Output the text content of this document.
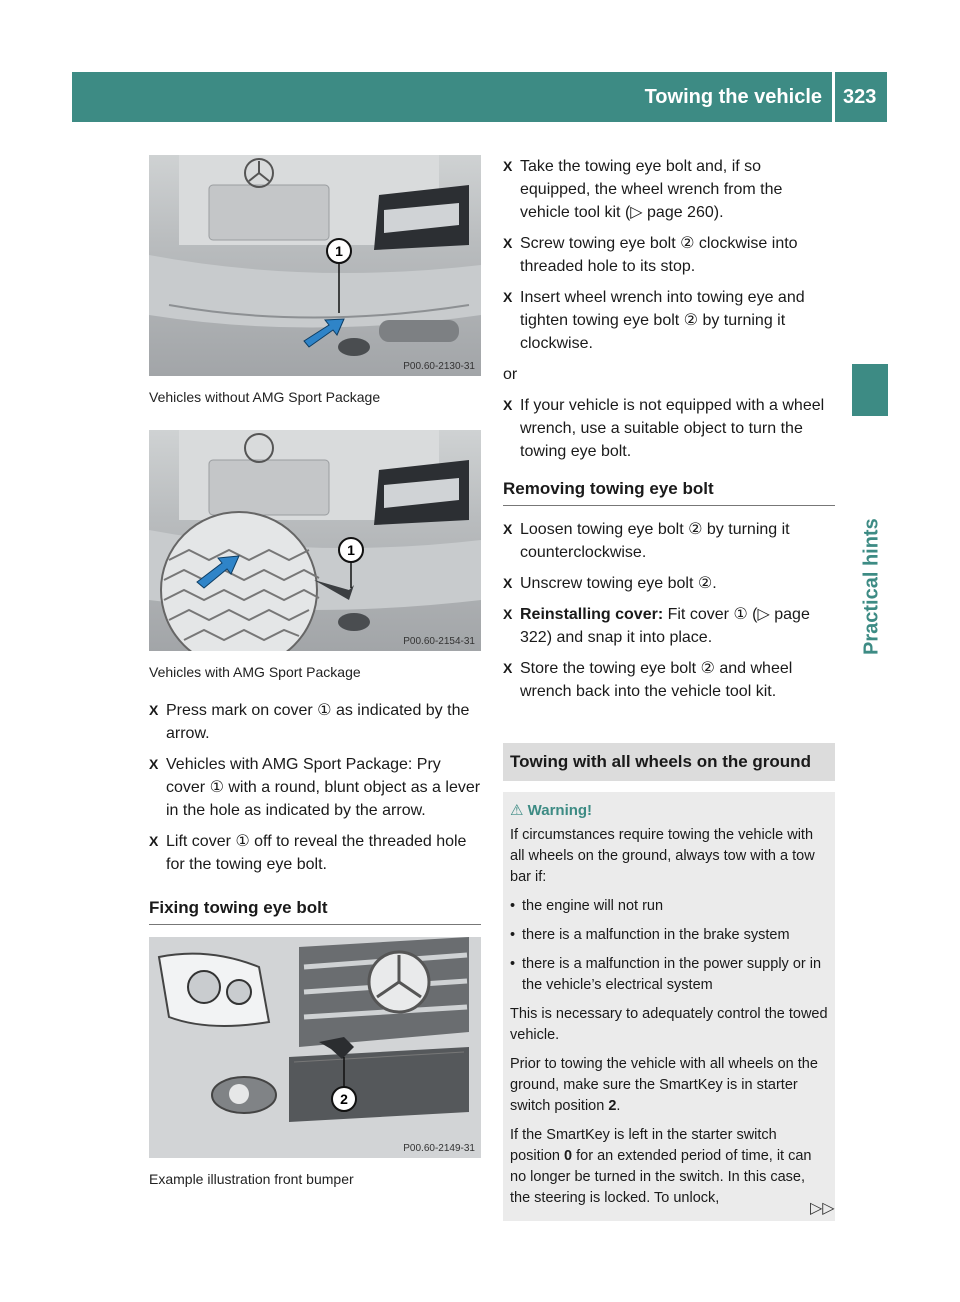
Towing the vehicle 323
Practical hints
1
P00.60-2130-31
Vehicles without AMG Sport Package
1
P00.60-2154-31
Vehicles with AMG Sport Package
X Press mark on cover ① as indicated by the arrow.
X Vehicles with AMG Sport Package: Pry cover ① with a round, blunt object as a lever in the hole as indicated by the arrow.
X Lift cover ① off to reveal the threaded hole for the towing eye bolt.
Fixing towing eye bolt
2
P00.60-2149-31
Example illustration front bumper
X Take the towing eye bolt and, if so equipped, the wheel wrench from the vehicle tool kit (▷ page 260).
X Screw towing eye bolt ② clockwise into threaded hole to its stop.
X Insert wheel wrench into towing eye and tighten towing eye bolt ② by turning it clockwise.
or
X If your vehicle is not equipped with a wheel wrench, use a suitable object to turn the towing eye bolt.
Removing towing eye bolt
X Loosen towing eye bolt ② by turning it counterclockwise.
X Unscrew towing eye bolt ②.
X Reinstalling cover: Fit cover ① (▷ page 322) and snap it into place.
X Store the towing eye bolt ② and wheel wrench back into the vehicle tool kit.
Towing with all wheels on the ground
⚠ Warning!

If circumstances require towing the vehicle with all wheels on the ground, always tow with a tow bar if:

• the engine will not run
• there is a malfunction in the brake system
• there is a malfunction in the power supply or in the vehicle’s electrical system

This is necessary to adequately control the towed vehicle.

Prior to towing the vehicle with all wheels on the ground, make sure the SmartKey is in starter switch position 2.

If the SmartKey is left in the starter switch position 0 for an extended period of time, it can no longer be turned in the switch. In this case, the steering is locked. To unlock,

▷▷
